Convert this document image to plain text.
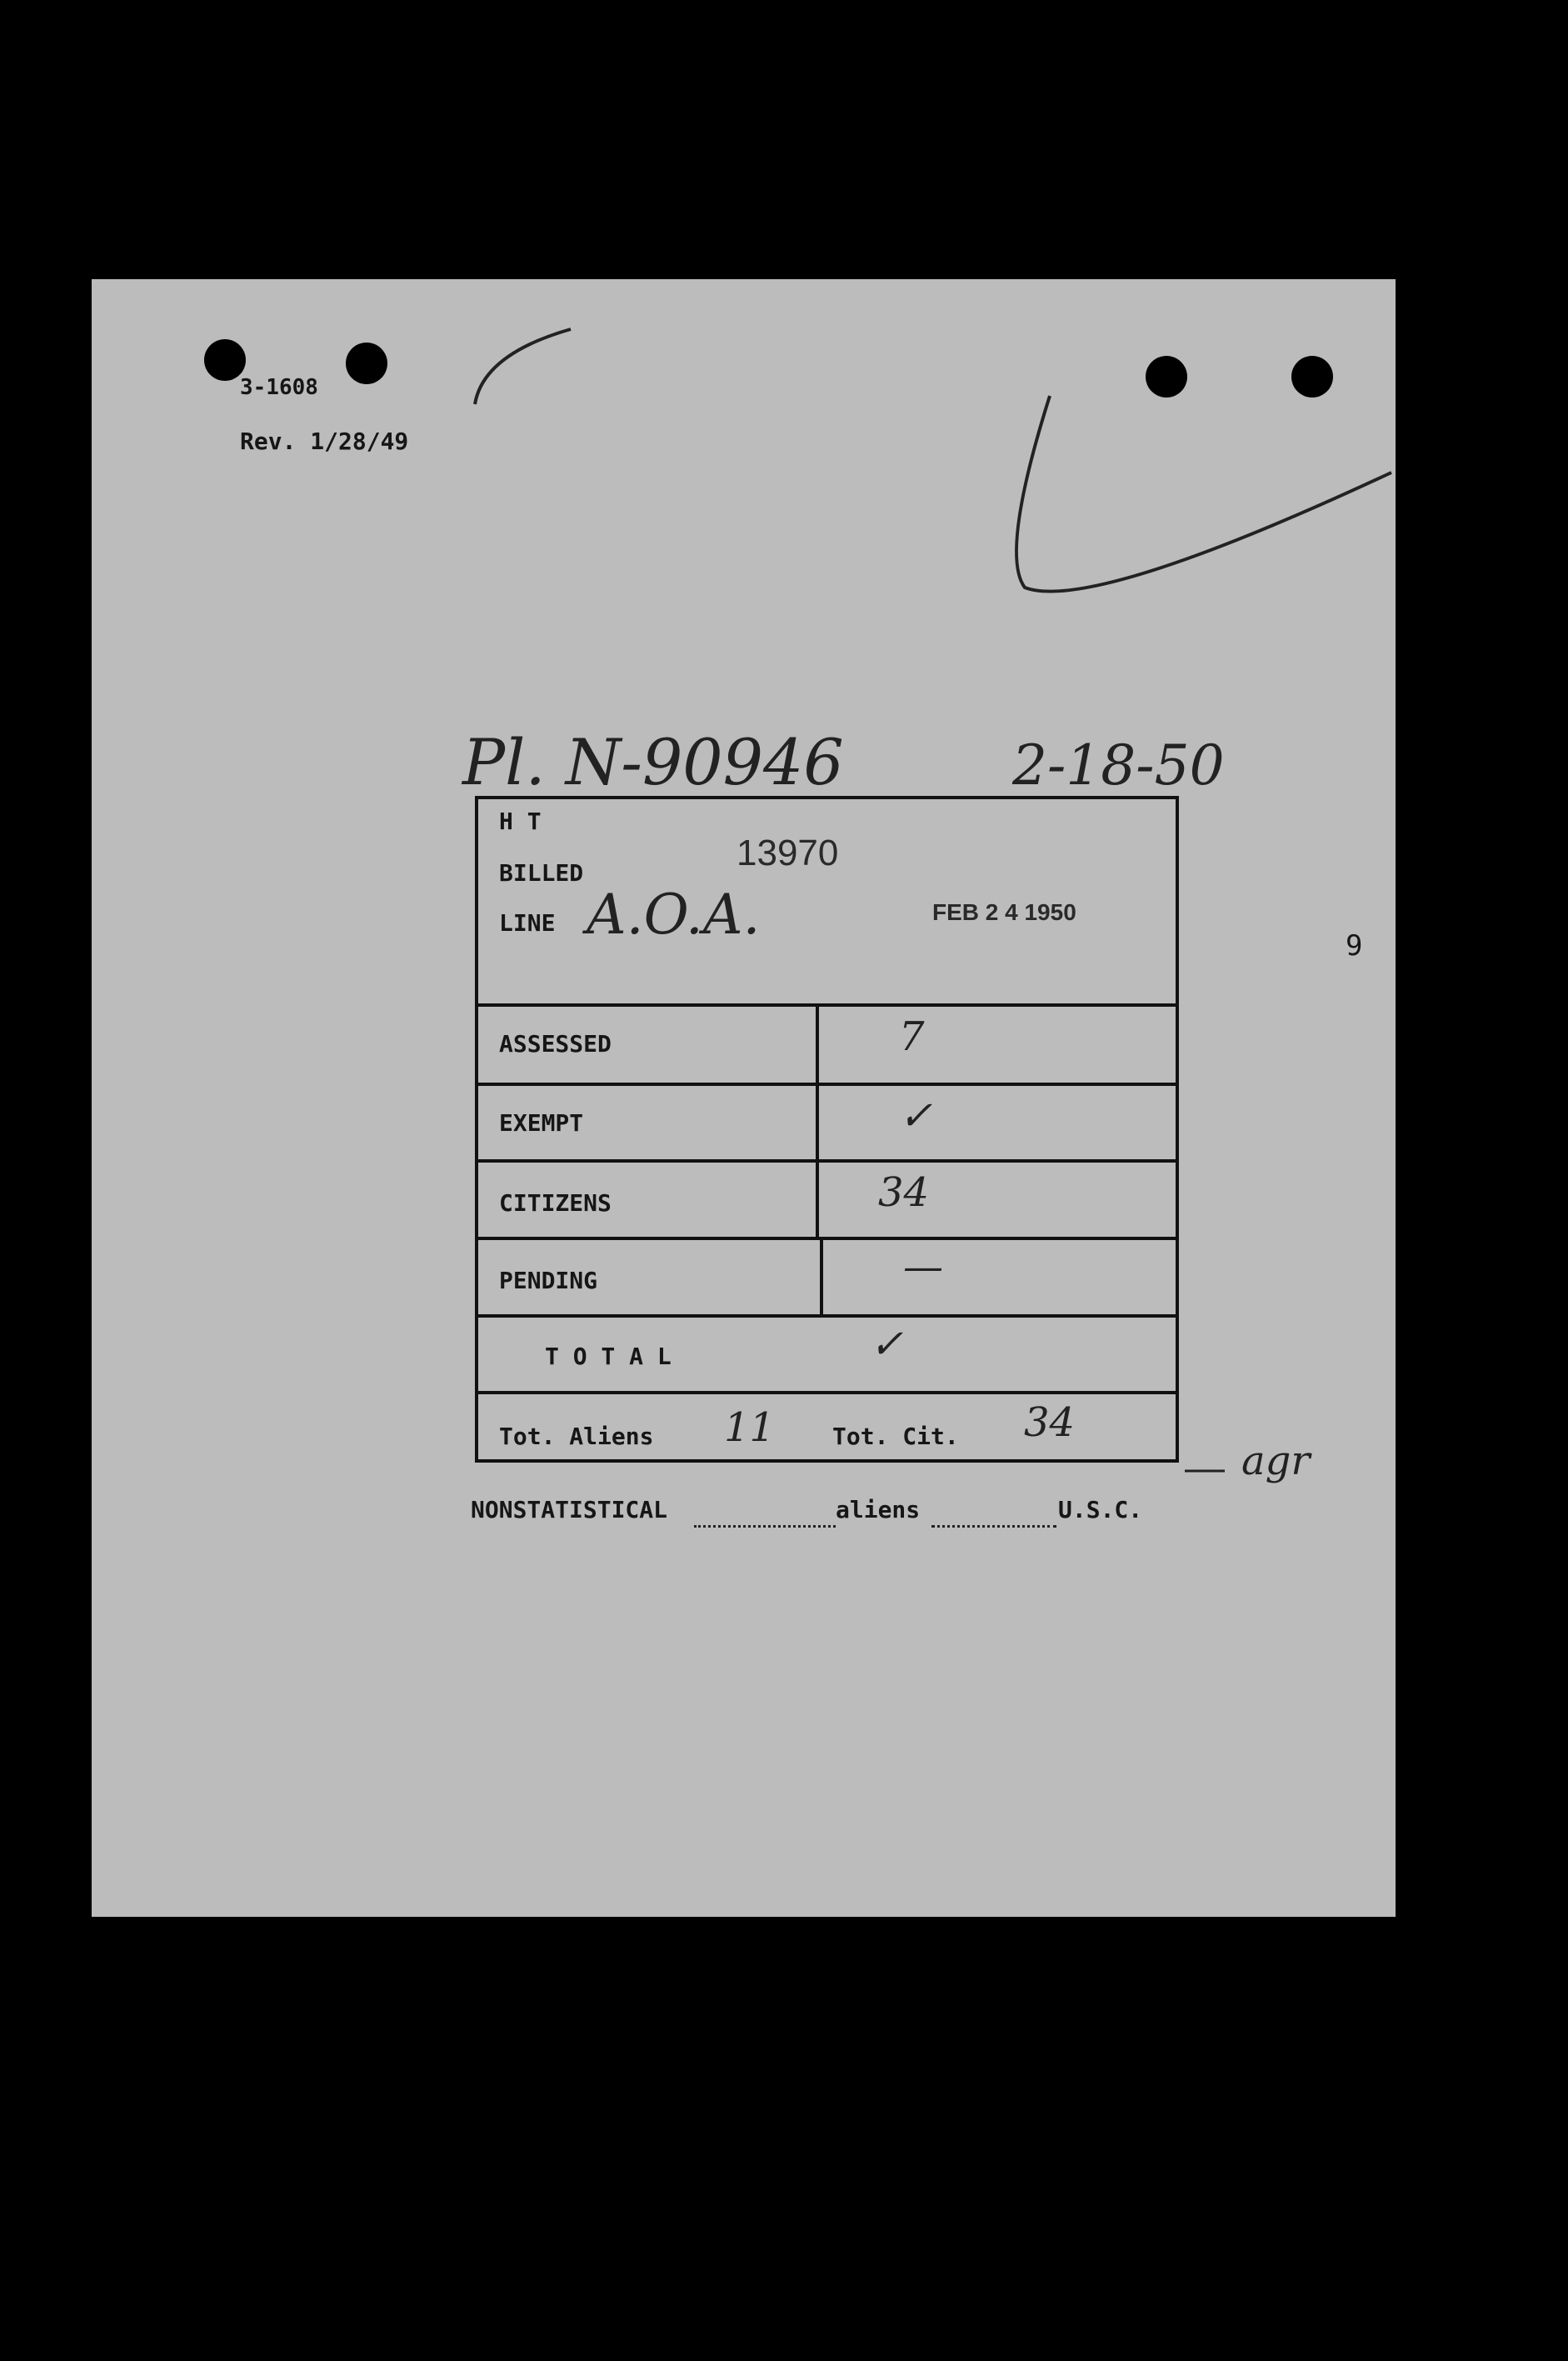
3-1608
Rev. 1/28/49
Pl. N-90946	2-18-50
9
agr
H T
BILLED	13970
LINE A.O.A.	FEB 2 4 1950
ASSESSED	7
EXEMPT	✓
CITIZENS	34
PENDING	—
T O T A L	✓
Tot. Aliens 11 Tot. Cit. 34
NONSTATISTICAL	aliens	U.S.C.
